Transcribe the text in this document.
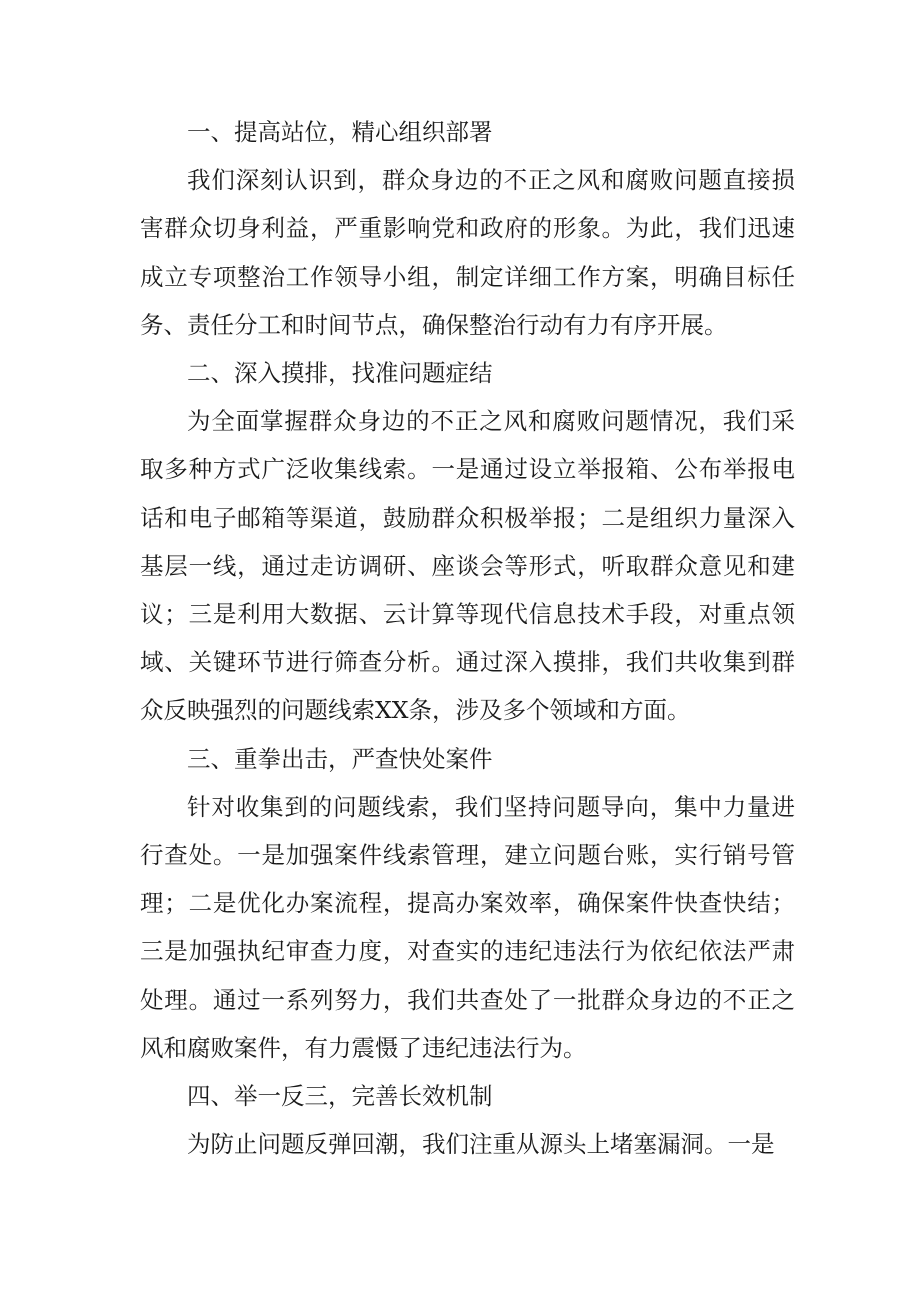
一、提高站位，精心组织部署

我们深刻认识到，群众身边的不正之风和腐败问题直接损害群众切身利益，严重影响党和政府的形象。为此，我们迅速成立专项整治工作领导小组，制定详细工作方案，明确目标任务、责任分工和时间节点，确保整治行动有力有序开展。

二、深入摸排，找准问题症结

为全面掌握群众身边的不正之风和腐败问题情况，我们采取多种方式广泛收集线索。一是通过设立举报箱、公布举报电话和电子邮箱等渠道，鼓励群众积极举报；二是组织力量深入基层一线，通过走访调研、座谈会等形式，听取群众意见和建议；三是利用大数据、云计算等现代信息技术手段，对重点领域、关键环节进行筛查分析。通过深入摸排，我们共收集到群众反映强烈的问题线索XX条，涉及多个领域和方面。

三、重拳出击，严查快处案件

针对收集到的问题线索，我们坚持问题导向，集中力量进行查处。一是加强案件线索管理，建立问题台账，实行销号管理；二是优化办案流程，提高办案效率，确保案件快查快结；三是加强执纪审查力度，对查实的违纪违法行为依纪依法严肃处理。通过一系列努力，我们共查处了一批群众身边的不正之风和腐败案件，有力震慑了违纪违法行为。

四、举一反三，完善长效机制

为防止问题反弹回潮，我们注重从源头上堵塞漏洞。一是
